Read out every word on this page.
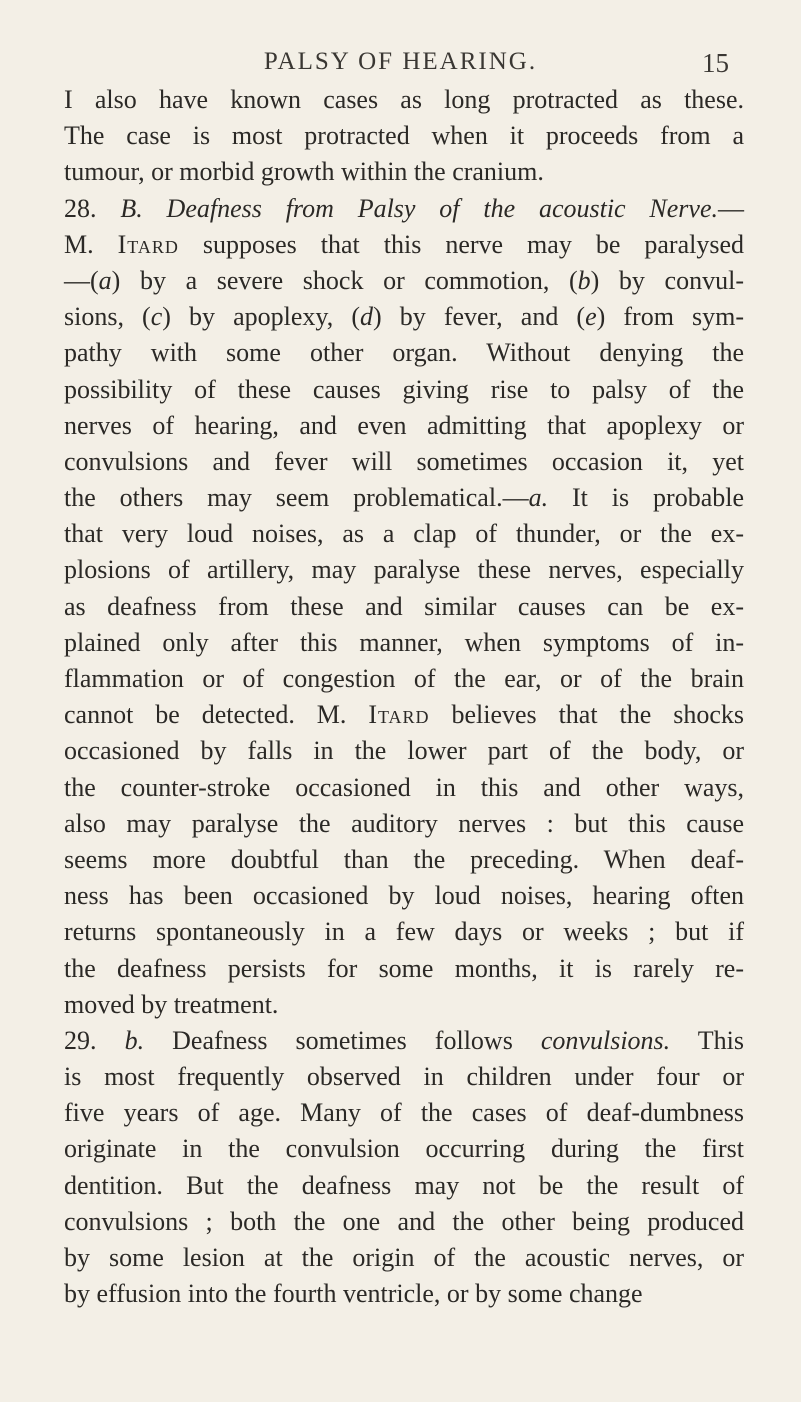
PALSY OF HEARING.	15
I also have known cases as long protracted as these.
The case is most protracted when it proceeds from a
tumour, or morbid growth within the cranium.
28. B. Deafness from Palsy of the acoustic Nerve.—
M. Itard supposes that this nerve may be paralysed
—(a) by a severe shock or commotion, (b) by convul-
sions, (c) by apoplexy, (d) by fever, and (e) from sym-
pathy with some other organ. Without denying the
possibility of these causes giving rise to palsy of the
nerves of hearing, and even admitting that apoplexy or
convulsions and fever will sometimes occasion it, yet
the others may seem problematical.—a. It is probable
that very loud noises, as a clap of thunder, or the ex-
plosions of artillery, may paralyse these nerves, especially
as deafness from these and similar causes can be ex-
plained only after this manner, when symptoms of in-
flammation or of congestion of the ear, or of the brain
cannot be detected. M. Itard believes that the shocks
occasioned by falls in the lower part of the body, or
the counter-stroke occasioned in this and other ways,
also may paralyse the auditory nerves : but this cause
seems more doubtful than the preceding. When deaf-
ness has been occasioned by loud noises, hearing often
returns spontaneously in a few days or weeks ; but if
the deafness persists for some months, it is rarely re-
moved by treatment.
29. b. Deafness sometimes follows convulsions. This
is most frequently observed in children under four or
five years of age. Many of the cases of deaf-dumbness
originate in the convulsion occurring during the first
dentition. But the deafness may not be the result of
convulsions ; both the one and the other being produced
by some lesion at the origin of the acoustic nerves, or
by effusion into the fourth ventricle, or by some change
